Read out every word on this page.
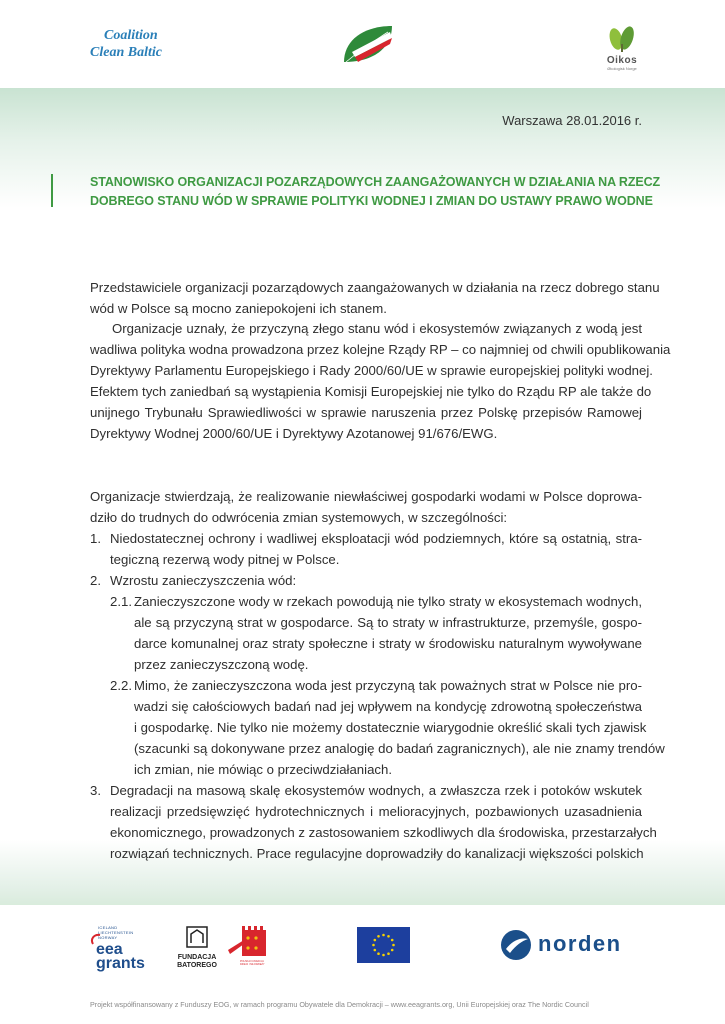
Coalition
Clean Baltic
Oikos
Økologisk Norge
Warszawa 28.01.2016 r.
STANOWISKO ORGANIZACJI POZARZĄDOWYCH ZAANGAŻOWANYCH W DZIAŁANIA NA RZECZ
DOBREGO STANU WÓD W SPRAWIE POLITYKI WODNEJ I ZMIAN DO USTAWY PRAWO WODNE
Przedstawiciele organizacji pozarządowych zaangażowanych w działania na rzecz dobrego stanu
wód w Polsce są mocno zaniepokojeni ich stanem.
Organizacje uznały, że przyczyną złego stanu wód i ekosystemów związanych z wodą jest
wadliwa polityka wodna prowadzona przez kolejne Rządy RP – co najmniej od chwili opublikowania
Dyrektywy Parlamentu Europejskiego i Rady 2000/60/UE w sprawie europejskiej polityki wodnej.
Efektem tych zaniedbań są wystąpienia Komisji Europejskiej nie tylko do Rządu RP ale także do
unijnego Trybunału Sprawiedliwości w sprawie naruszenia przez Polskę przepisów Ramowej
Dyrektywy Wodnej 2000/60/UE i Dyrektywy Azotanowej 91/676/EWG.
Organizacje stwierdzają, że realizowanie niewłaściwej gospodarki wodami w Polsce doprowa-
dziło do trudnych do odwrócenia zmian systemowych, w szczególności:
1. Niedostatecznej ochrony i wadliwej eksploatacji wód podziemnych, które są ostatnią, stra-
tegiczną rezerwą wody pitnej w Polsce.
2. Wzrostu zanieczyszczenia wód:
2.1. Zanieczyszczone wody w rzekach powodują nie tylko straty w ekosystemach wodnych,
ale są przyczyną strat w gospodarce. Są to straty w infrastrukturze, przemyśle, gospo-
darce komunalnej oraz straty społeczne i straty w środowisku naturalnym wywoływane
przez zanieczyszczoną wodę.
2.2. Mimo, że zanieczyszczona woda jest przyczyną tak poważnych strat w Polsce nie pro-
wadzi się całościowych badań nad jej wpływem na kondycję zdrowotną społeczeństwa
i gospodarkę. Nie tylko nie możemy dostatecznie wiarygodnie określić skali tych zjawisk
(szacunki są dokonywane przez analogię do badań zagranicznych), ale nie znamy trendów
ich zmian, nie mówiąc o przeciwdziałaniach.
3. Degradacji na masową skalę ekosystemów wodnych, a zwłaszcza rzek i potoków wskutek
realizacji przedsięwzięć hydrotechnicznych i melioracyjnych, pozbawionych uzasadnienia
ekonomicznego, prowadzonych z zastosowaniem szkodliwych dla środowiska, przestarzałych
rozwiązań technicznych. Prace regulacyjne doprowadziły do kanalizacji większości polskich
ICELAND LIECHTENSTEIN NORWAY
eea
grants	FUNDACJA
BATOREGO
POLSKA FUNDACJA DZIECI I MŁODZIEŻY
norden
Projekt współfinansowany z Funduszy EOG, w ramach programu Obywatele dla Demokracji – www.eeagrants.org, Unii Europejskiej oraz The Nordic Council
